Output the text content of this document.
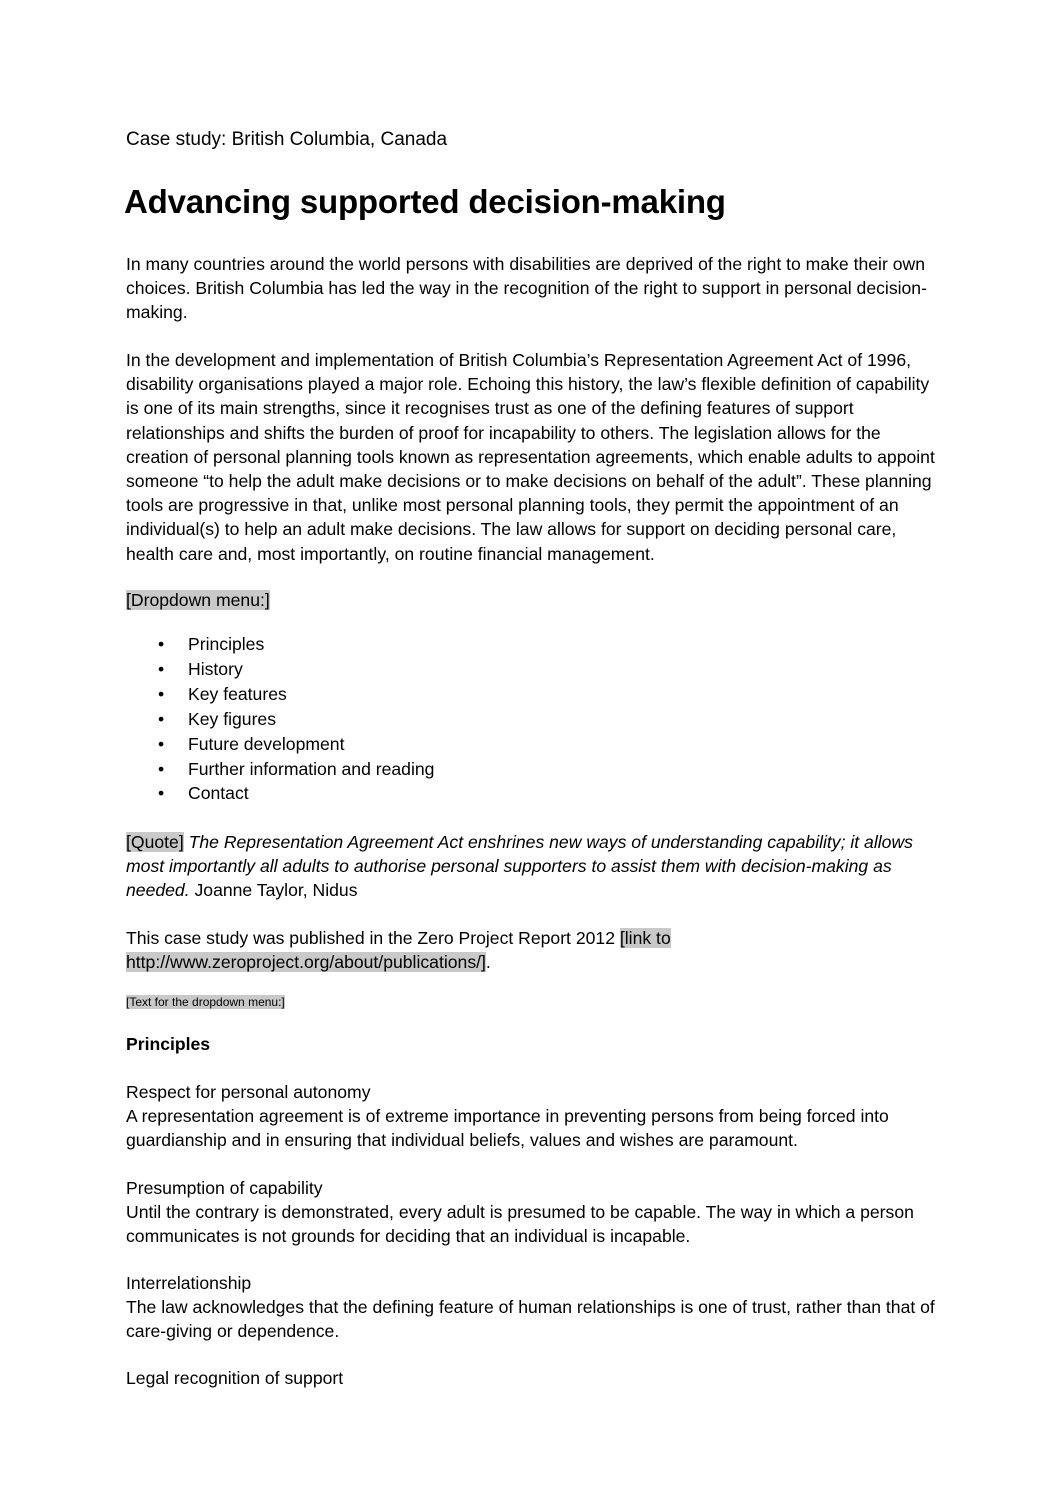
Case study: British Columbia, Canada

Advancing supported decision-making

In many countries around the world persons with disabilities are deprived of the right to make their own choices. British Columbia has led the way in the recognition of the right to support in personal decision-making.

In the development and implementation of British Columbia’s Representation Agreement Act of 1996, disability organisations played a major role. Echoing this history, the law’s flexible definition of capability is one of its main strengths, since it recognises trust as one of the defining features of support relationships and shifts the burden of proof for incapability to others. The legislation allows for the creation of personal planning tools known as representation agreements, which enable adults to appoint someone “to help the adult make decisions or to make decisions on behalf of the adult”. These planning tools are progressive in that, unlike most personal planning tools, they permit the appointment of an individual(s) to help an adult make decisions. The law allows for support on deciding personal care, health care and, most importantly, on routine financial management.

[Dropdown menu:]

• Principles
• History
• Key features
• Key figures
• Future development
• Further information and reading
• Contact

[Quote] The Representation Agreement Act enshrines new ways of understanding capability; it allows most importantly all adults to authorise personal supporters to assist them with decision-making as needed. Joanne Taylor, Nidus

This case study was published in the Zero Project Report 2012 [link to http://www.zeroproject.org/about/publications/].

[Text for the dropdown menu:]

Principles

Respect for personal autonomy

A representation agreement is of extreme importance in preventing persons from being forced into guardianship and in ensuring that individual beliefs, values and wishes are paramount.

Presumption of capability

Until the contrary is demonstrated, every adult is presumed to be capable. The way in which a person communicates is not grounds for deciding that an individual is incapable.

Interrelationship

The law acknowledges that the defining feature of human relationships is one of trust, rather than that of care-giving or dependence.

Legal recognition of support
